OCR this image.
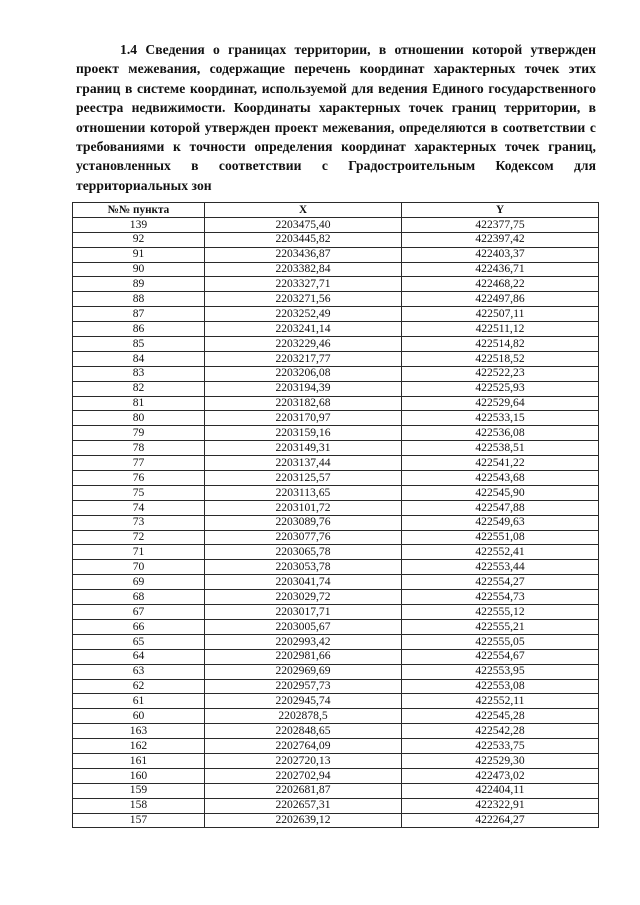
1.4 Сведения о границах территории, в отношении которой утвержден проект межевания, содержащие перечень координат характерных точек этих границ в системе координат, используемой для ведения Единого государственного реестра недвижимости. Координаты характерных точек границ территории, в отношении которой утвержден проект межевания, определяются в соответствии с требованиями к точности определения координат характерных точек границ, установленных в соответствии с Градостроительным Кодексом для территориальных зон
№№ пункта	X	Y
139	2203475,40	422377,75
92	2203445,82	422397,42
91	2203436,87	422403,37
90	2203382,84	422436,71
89	2203327,71	422468,22
88	2203271,56	422497,86
87	2203252,49	422507,11
86	2203241,14	422511,12
85	2203229,46	422514,82
84	2203217,77	422518,52
83	2203206,08	422522,23
82	2203194,39	422525,93
81	2203182,68	422529,64
80	2203170,97	422533,15
79	2203159,16	422536,08
78	2203149,31	422538,51
77	2203137,44	422541,22
76	2203125,57	422543,68
75	2203113,65	422545,90
74	2203101,72	422547,88
73	2203089,76	422549,63
72	2203077,76	422551,08
71	2203065,78	422552,41
70	2203053,78	422553,44
69	2203041,74	422554,27
68	2203029,72	422554,73
67	2203017,71	422555,12
66	2203005,67	422555,21
65	2202993,42	422555,05
64	2202981,66	422554,67
63	2202969,69	422553,95
62	2202957,73	422553,08
61	2202945,74	422552,11
60	2202878,5	422545,28
163	2202848,65	422542,28
162	2202764,09	422533,75
161	2202720,13	422529,30
160	2202702,94	422473,02
159	2202681,87	422404,11
158	2202657,31	422322,91
157	2202639,12	422264,27
